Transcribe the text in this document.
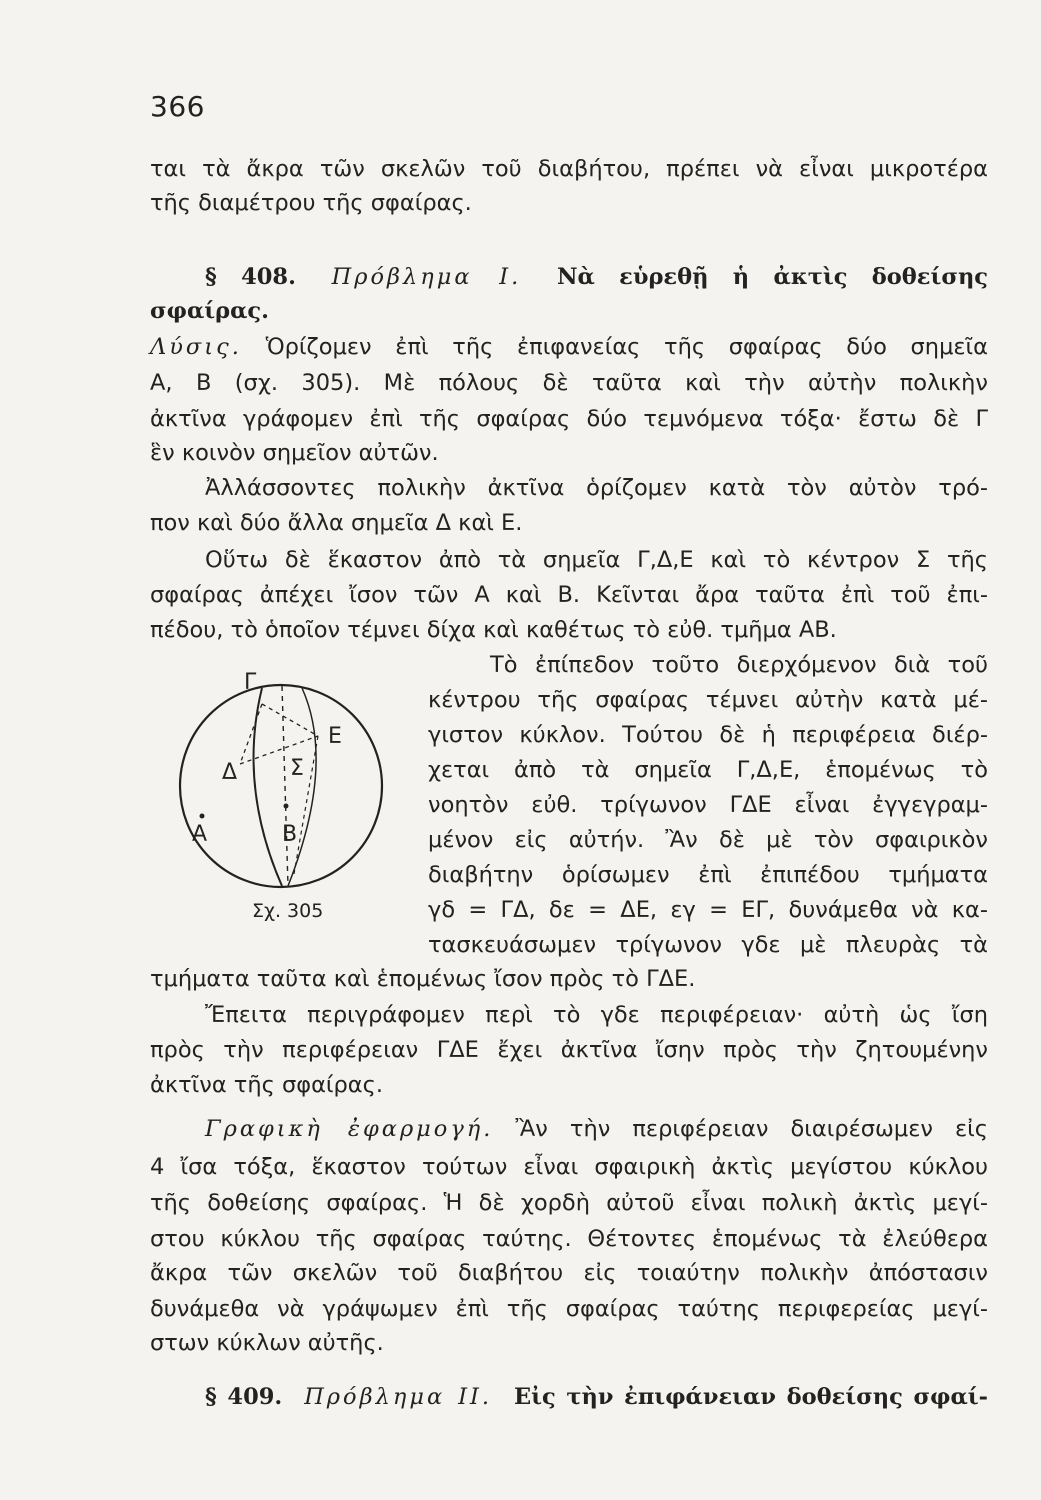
366
ται τὰ ἄκρα τῶν σκελῶν τοῦ διαβήτου, πρέπει νὰ εἶναι μικροτέρα
τῆς διαμέτρου τῆς σφαίρας.
§ 408. Πρόβλημα Ι. Νὰ εὑρεθῇ ἡ ἀκτὶς δοθείσης
σφαίρας.
Λύσις. Ὁρίζομεν ἐπὶ τῆς ἐπιφανείας τῆς σφαίρας δύο σημεῖα
Α, Β (σχ. 305). Μὲ πόλους δὲ ταῦτα καὶ τὴν αὐτὴν πολικὴν
ἀκτῖνα γράφομεν ἐπὶ τῆς σφαίρας δύο τεμνόμενα τόξα· ἔστω δὲ Γ
ἓν κοινὸν σημεῖον αὐτῶν.
Ἀλλάσσοντες πολικὴν ἀκτῖνα ὁρίζομεν κατὰ τὸν αὐτὸν τρό-
πον καὶ δύο ἄλλα σημεῖα Δ καὶ Ε.
Οὕτω δὲ ἕκαστον ἀπὸ τὰ σημεῖα Γ,Δ,Ε καὶ τὸ κέντρον Σ τῆς
σφαίρας ἀπέχει ἴσον τῶν Α καὶ Β. Κεῖνται ἄρα ταῦτα ἐπὶ τοῦ ἐπι-
πέδου, τὸ ὁποῖον τέμνει δίχα καὶ καθέτως τὸ εὐθ. τμῆμα ΑΒ.
Τὸ ἐπίπεδον τοῦτο διερχόμενον διὰ τοῦ
κέντρου τῆς σφαίρας τέμνει αὐτὴν κατὰ μέ-
γιστον κύκλον. Τούτου δὲ ἡ περιφέρεια διέρ-
χεται ἀπὸ τὰ σημεῖα Γ,Δ,Ε, ἑπομένως τὸ
νοητὸν εὐθ. τρίγωνον ΓΔΕ εἶναι ἐγγεγραμ-
μένον εἰς αὐτήν. Ἂν δὲ μὲ τὸν σφαιρικὸν
διαβήτην ὁρίσωμεν ἐπὶ ἐπιπέδου τμήματα
γδ = ΓΔ, δε = ΔΕ, εγ = ΕΓ, δυνάμεθα νὰ κα-
τασκευάσωμεν τρίγωνον γδε μὲ πλευρὰς τὰ
τμήματα ταῦτα καὶ ἑπομένως ἴσον πρὸς τὸ ΓΔΕ.
Ἔπειτα περιγράφομεν περὶ τὸ γδε περιφέρειαν· αὐτὴ ὡς ἴση
πρὸς τὴν περιφέρειαν ΓΔΕ ἔχει ἀκτῖνα ἴσην πρὸς τὴν ζητουμένην
ἀκτῖνα τῆς σφαίρας.
Γραφικὴ ἐφαρμογή. Ἂν τὴν περιφέρειαν διαιρέσωμεν εἰς
4 ἴσα τόξα, ἕκαστον τούτων εἶναι σφαιρικὴ ἀκτὶς μεγίστου κύκλου
τῆς δοθείσης σφαίρας. Ἡ δὲ χορδὴ αὐτοῦ εἶναι πολικὴ ἀκτὶς μεγί-
στου κύκλου τῆς σφαίρας ταύτης. Θέτοντες ἑπομένως τὰ ἐλεύθερα
ἄκρα τῶν σκελῶν τοῦ διαβήτου εἰς τοιαύτην πολικὴν ἀπόστασιν
δυνάμεθα νὰ γράψωμεν ἐπὶ τῆς σφαίρας ταύτης περιφερείας μεγί-
στων κύκλων αὐτῆς.
§ 409. Πρόβλημα ΙΙ. Εἰς τὴν ἐπιφάνειαν δοθείσης σφαί-
Γ
Ε
Δ Σ
Α	Β
Σχ. 305
